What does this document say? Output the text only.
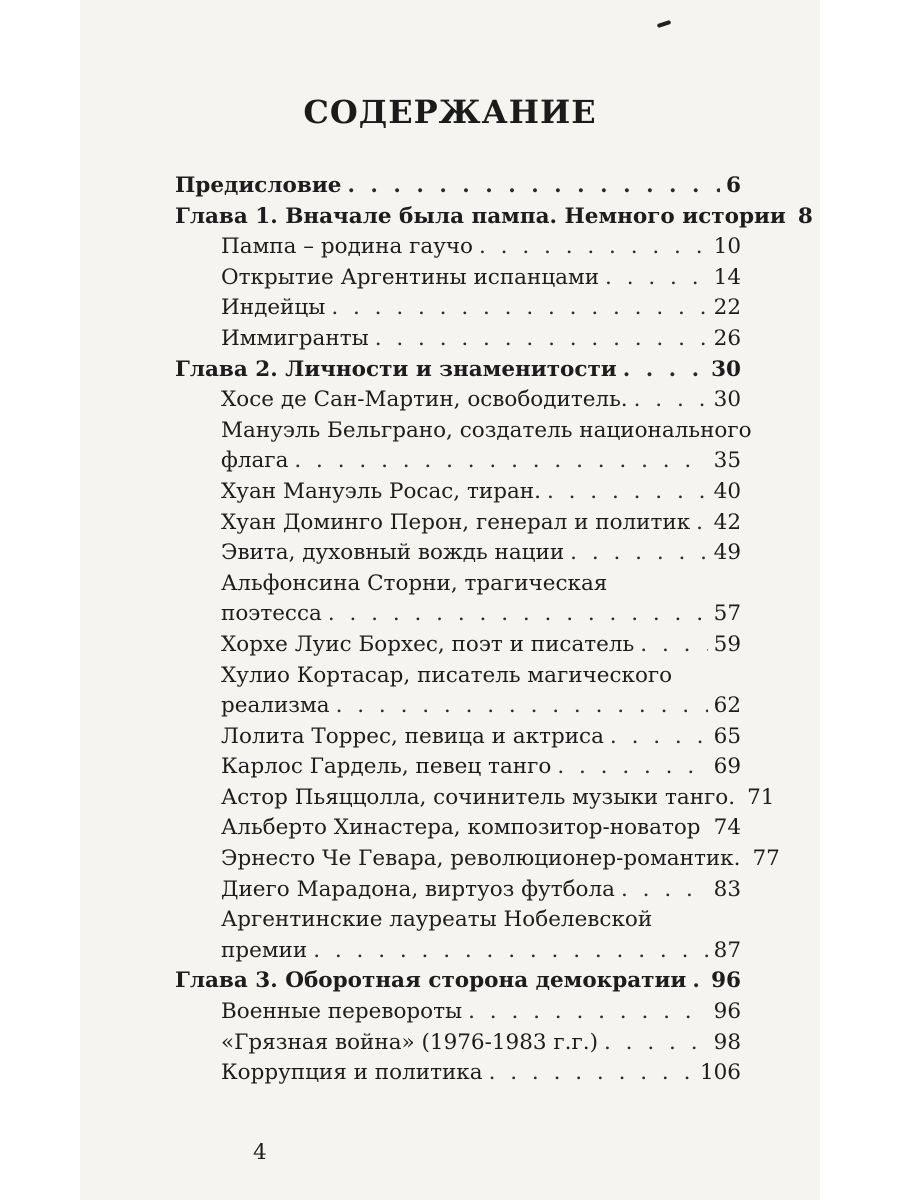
СОДЕРЖАНИЕ
4
Предисловие . . .	6
Глава 1. Вначале была пампа. Немного истории 8
Пампа – родина гаучо . . .	10
Открытие Аргентины испанцами . . .	14
Индейцы . . .	22
Иммигранты . . .	26
Глава 2. Личности и знаменитости . . .	30
Хосе де Сан-Мартин, освободитель. . . .	30
Мануэль Бельграно, создатель национального
флага . . .	35
Хуан Мануэль Росас, тиран. . . .	40
Хуан Доминго Перон, генерал и политик . . . 42
Эвита, духовный вождь нации . . .	49
Альфонсина Сторни, трагическая
поэтесса . . .	57
Хорхе Луис Борхес, поэт и писатель . . .	59
Хулио Кортасар, писатель магического
реализма . . .	62
Лолита Торрес, певица и актриса . . .	65
Карлос Гардель, певец танго . . .	69
Астор Пьяццолла, сочинитель музыки танго. 71
Альберто Хинастера, композитор-новатор . . . 74
Эрнесто Че Гевара, революционер-романтик. 77
Диего Марадона, виртуоз футбола . . .	83
Аргентинские лауреаты Нобелевской
премии . . .	87
Глава 3. Оборотная сторона демократии . . . 96
Военные перевороты . . .	96
«Грязная война» (1976-1983 г.г.) . . .	98
Коррупция и политика . . .	106
